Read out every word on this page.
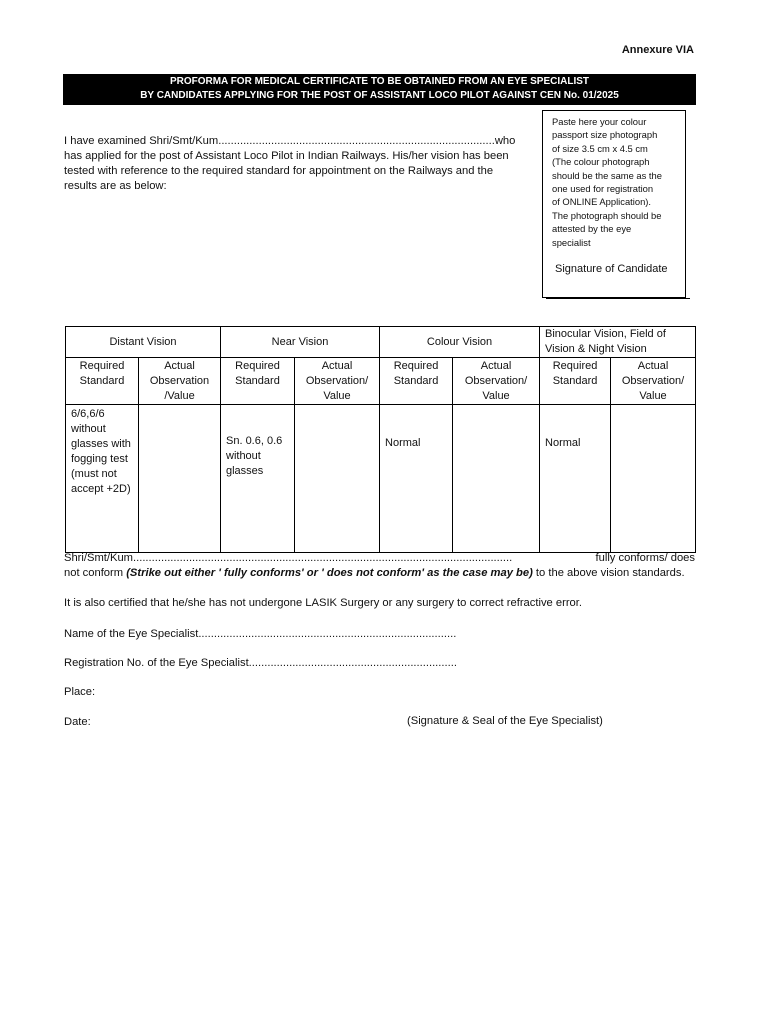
Annexure VIA
PROFORMA FOR MEDICAL CERTIFICATE TO BE OBTAINED FROM AN EYE SPECIALIST
BY CANDIDATES APPLYING FOR THE POST OF ASSISTANT LOCO PILOT AGAINST CEN No. 01/2025
I have examined Shri/Smt/Kum.........................................................................................who
has applied for the post of Assistant Loco Pilot in Indian Railways. His/her vision has been
tested with reference to the required standard for appointment on the Railways and the
results are as below:
Paste here your colour
passport size photograph
of size 3.5 cm x 4.5 cm
(The colour photograph
should be the same as the
one used for registration
of ONLINE Application).
The photograph should be
attested by the eye
specialist
Signature of Candidate
Distant Vision		Near Vision		Colour Vision		Binocular Vision, Field of Vision & Night Vision	
Required Standard	Actual Observation /Value	Required Standard	Actual Observation/ Value	Required Standard	Actual Observation/ Value	Required Standard	Actual Observation/ Value
6/6,6/6 without glasses with fogging test (must not accept +2D)		Sn. 0.6, 0.6 without glasses		Normal		Normal	
Shri/Smt/Kum..........................................................................................................................	fully conforms/ does
not conform (Strike out either ' fully conforms' or ' does not conform' as the case may be) to the above vision standards.
It is also certified that he/she has not undergone LASIK Surgery or any surgery to correct refractive error.
Name of the Eye Specialist...................................................................................
Registration No. of the Eye Specialist...................................................................
Place:
Date:	(Signature & Seal of the Eye Specialist)
